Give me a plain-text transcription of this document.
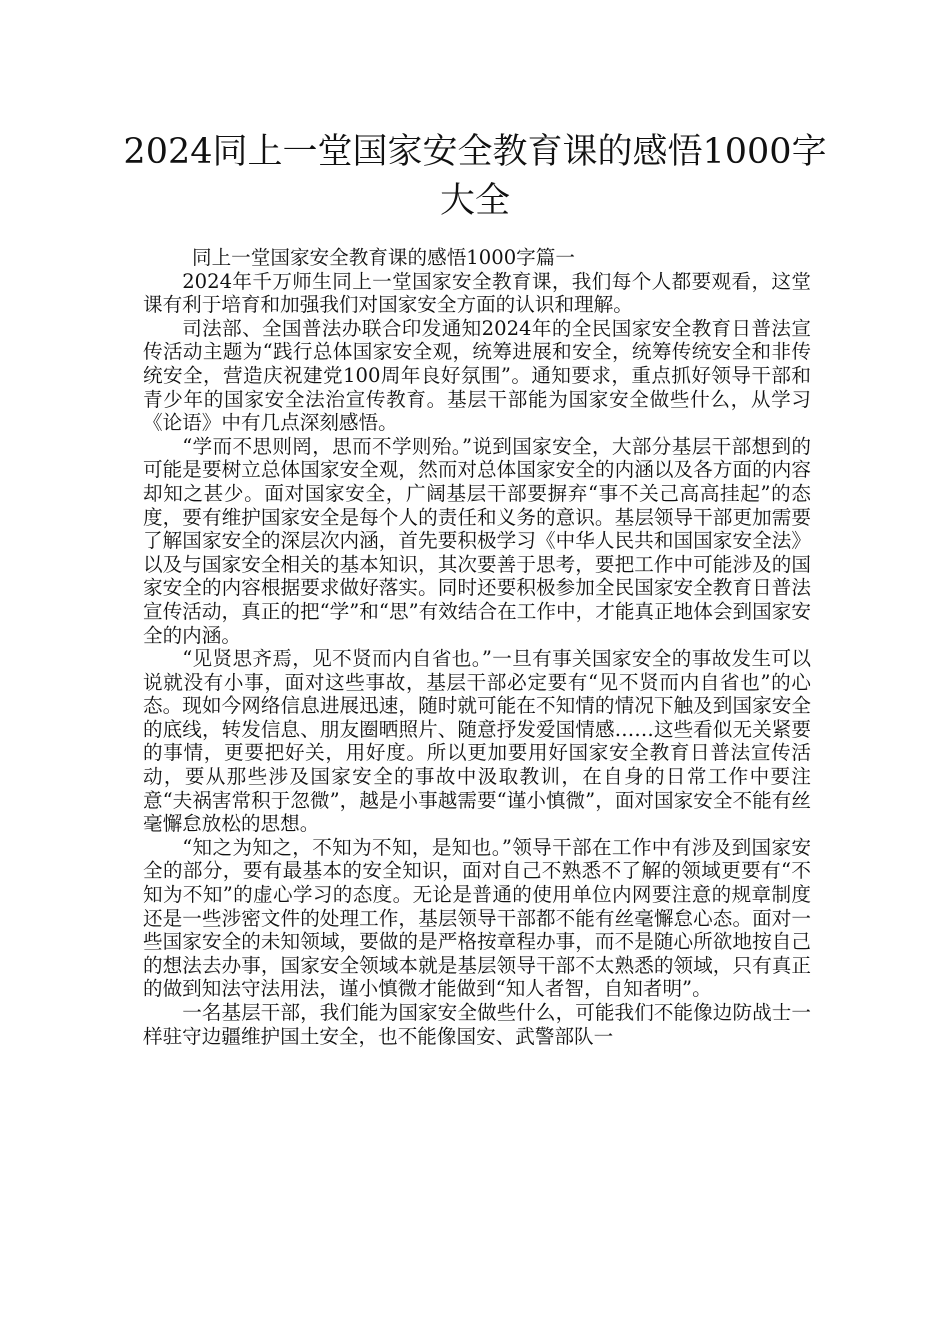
2024同上一堂国家安全教育课的感悟1000字大全

同上一堂国家安全教育课的感悟1000字篇一

2024年千万师生同上一堂国家安全教育课，我们每个人都要观看，这堂课有利于培育和加强我们对国家安全方面的认识和理解。

司法部、全国普法办联合印发通知2024年的全民国家安全教育日普法宣传活动主题为“践行总体国家安全观，统筹进展和安全，统筹传统安全和非传统安全，营造庆祝建党100周年良好氛围”。通知要求，重点抓好领导干部和青少年的国家安全法治宣传教育。基层干部能为国家安全做些什么，从学习《论语》中有几点深刻感悟。

“学而不思则罔，思而不学则殆。”说到国家安全，大部分基层干部想到的可能是要树立总体国家安全观，然而对总体国家安全的内涵以及各方面的内容却知之甚少。面对国家安全，广阔基层干部要摒弃“事不关己高高挂起”的态度，要有维护国家安全是每个人的责任和义务的意识。基层领导干部更加需要了解国家安全的深层次内涵，首先要积极学习《中华人民共和国国家安全法》以及与国家安全相关的基本知识，其次要善于思考，要把工作中可能涉及的国家安全的内容根据要求做好落实。同时还要积极参加全民国家安全教育日普法宣传活动，真正的把“学”和“思”有效结合在工作中，才能真正地体会到国家安全的内涵。

“见贤思齐焉，见不贤而内自省也。”一旦有事关国家安全的事故发生可以说就没有小事，面对这些事故，基层干部必定要有“见不贤而内自省也”的心态。现如今网络信息进展迅速，随时就可能在不知情的情况下触及到国家安全的底线，转发信息、朋友圈晒照片、随意抒发爱国情感……这些看似无关紧要的事情，更要把好关，用好度。所以更加要用好国家安全教育日普法宣传活动，要从那些涉及国家安全的事故中汲取教训，在自身的日常工作中要注意“夫祸害常积于忽微”，越是小事越需要“谨小慎微”，面对国家安全不能有丝毫懈怠放松的思想。

“知之为知之，不知为不知，是知也。”领导干部在工作中有涉及到国家安全的部分，要有最基本的安全知识，面对自己不熟悉不了解的领域更要有“不知为不知”的虚心学习的态度。无论是普通的使用单位内网要注意的规章制度还是一些涉密文件的处理工作，基层领导干部都不能有丝毫懈怠心态。面对一些国家安全的未知领域，要做的是严格按章程办事，而不是随心所欲地按自己的想法去办事，国家安全领域本就是基层领导干部不太熟悉的领域，只有真正的做到知法守法用法，谨小慎微才能做到“知人者智，自知者明”。

一名基层干部，我们能为国家安全做些什么，可能我们不能像边防战士一样驻守边疆维护国土安全，也不能像国安、武警部队一
